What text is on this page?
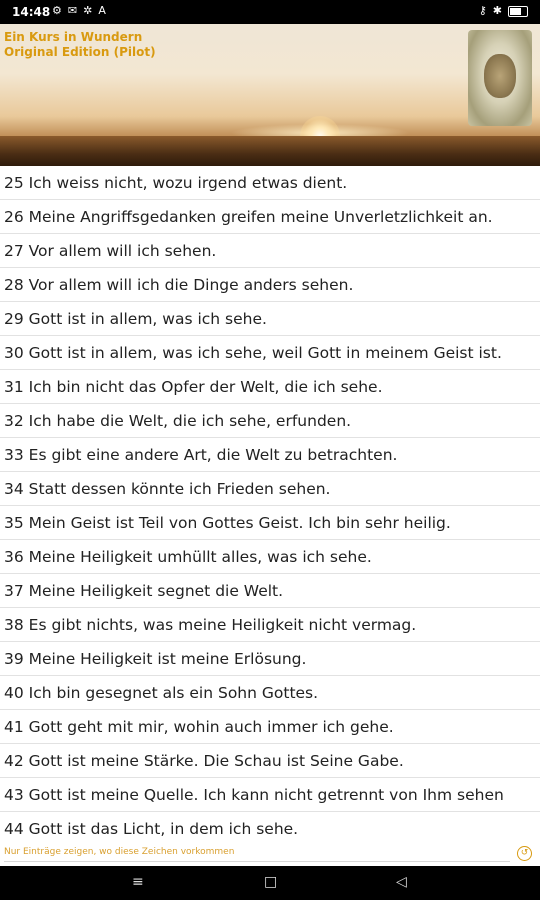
14:48 ⚙ ✉ ✲ A	⚷ ✱
Ein Kurs in Wundern
Original Edition (Pilot)
25 Ich weiss nicht, wozu irgend etwas dient.
26 Meine Angriffsgedanken greifen meine Unverletzlichkeit an.
27 Vor allem will ich sehen.
28 Vor allem will ich die Dinge anders sehen.
29 Gott ist in allem, was ich sehe.
30 Gott ist in allem, was ich sehe, weil Gott in meinem Geist ist.
31 Ich bin nicht das Opfer der Welt, die ich sehe.
32 Ich habe die Welt, die ich sehe, erfunden.
33 Es gibt eine andere Art, die Welt zu betrachten.
34 Statt dessen könnte ich Frieden sehen.
35 Mein Geist ist Teil von Gottes Geist. Ich bin sehr heilig.
36 Meine Heiligkeit umhüllt alles, was ich sehe.
37 Meine Heiligkeit segnet die Welt.
38 Es gibt nichts, was meine Heiligkeit nicht vermag.
39 Meine Heiligkeit ist meine Erlösung.
40 Ich bin gesegnet als ein Sohn Gottes.
41 Gott geht mit mir, wohin auch immer ich gehe.
42 Gott ist meine Stärke. Die Schau ist Seine Gabe.
43 Gott ist meine Quelle. Ich kann nicht getrennt von Ihm sehen
44 Gott ist das Licht, in dem ich sehe.
Nur Einträge zeigen, wo diese Zeichen vorkommen	↺
≡	□	◁
